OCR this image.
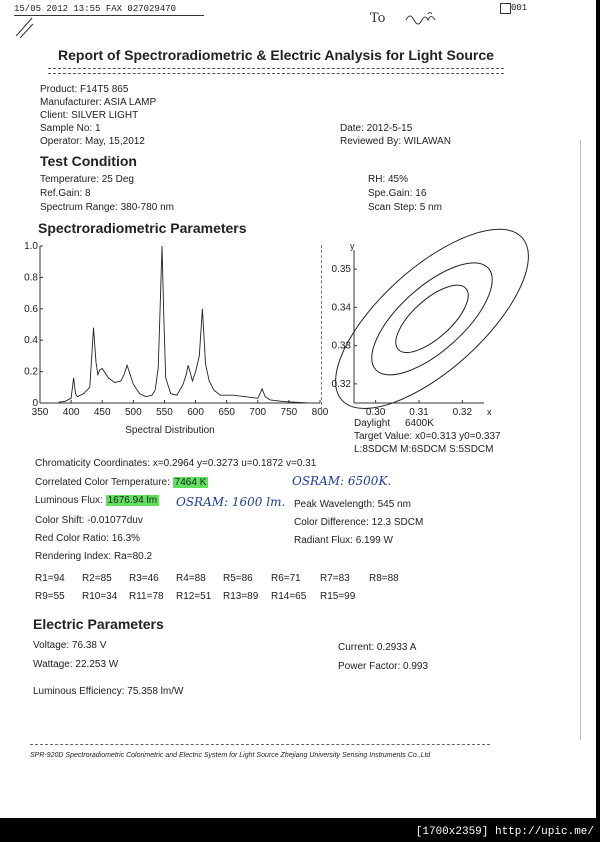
15/05 2012 13:55 FAX 027029470
To
001
Report of Spectroradiometric & Electric Analysis for Light Source
Product: F14T5 865
Manufacturer: ASIA LAMP
Client: SILVER LIGHT
Sample No: 1
Operator: May, 15,2012
Date: 2012-5-15
Reviewed By: WILAWAN
Test Condition
Temperature: 25 Deg
Ref.Gain: 8
Spectrum Range: 380-780 nm
RH: 45%
Spe.Gain: 16
Scan Step: 5 nm
Spectroradiometric Parameters
350 400 450 500 550 600 650 700 750 800
0
0.2
0.4
0.6
0.8
1.0
Spectral Distribution
y
x
0.30 0.31 0.32
0.32
0.33
0.34
0.35
Daylight 6400K
Target Value: x0=0.313 y0=0.337
L:8SDCM M:6SDCM S:5SDCM
Chromaticity Coordinates: x=0.2964 y=0.3273 u=0.1872 v=0.31
Correlated Color Temperature: 7464 K	OSRAM: 6500K.
Luminous Flux: 1676.94 lm OSRAM: 1600 lm. Peak Wavelength: 545 nm
Color Shift: -0.01077duv	Color Difference: 12.3 SDCM
Red Color Ratio: 16.3%	Radiant Flux: 6.199 W
Rendering Index: Ra=80.2
R1=94 R2=85 R3=46 R4=88 R5=86 R6=71 R7=83 R8=88
R9=55 R10=34 R11=78 R12=51 R13=89 R14=65 R15=99
Electric Parameters
Voltage: 76.38 V	Current: 0.2933 A
Wattage: 22.253 W	Power Factor: 0.993
Luminous Efficiency: 75.358 lm/W
SPR-920D Spectroradiometric Colorimetric and Electric System for Light Source Zhejiang University Sensing Instruments Co.,Ltd
[1700x2359] http://upic.me/
